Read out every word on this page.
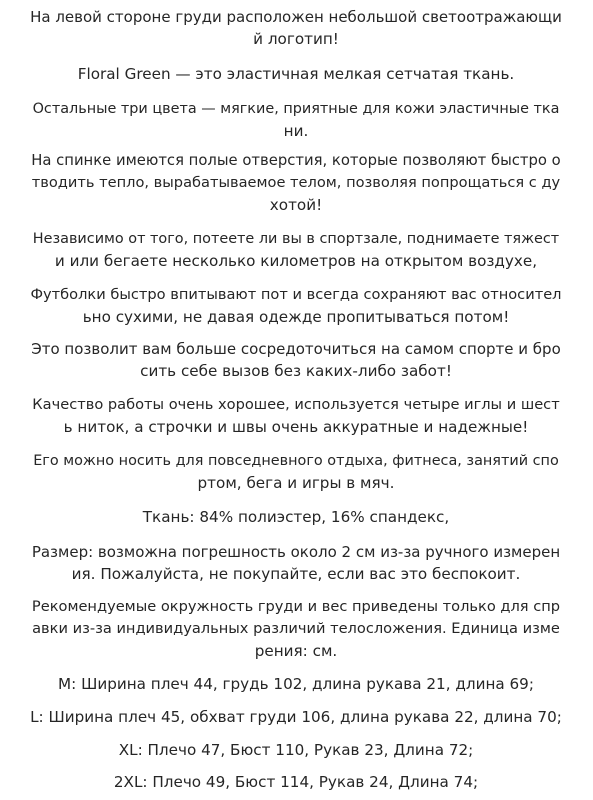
На левой стороне груди расположен небольшой светоотражающи
й логотип!

Floral Green — это эластичная мелкая сетчатая ткань.

Остальные три цвета — мягкие, приятные для кожи эластичные тка
ни.

На спинке имеются полые отверстия, которые позволяют быстро о
тводить тепло, вырабатываемое телом, позволяя попрощаться с ду
хотой!

Независимо от того, потеете ли вы в спортзале, поднимаете тяжест
и или бегаете несколько километров на открытом воздухе,

Футболки быстро впитывают пот и всегда сохраняют вас относител
ьно сухими, не давая одежде пропитываться потом!

Это позволит вам больше сосредоточиться на самом спорте и бро
сить себе вызов без каких-либо забот!

Качество работы очень хорошее, используется четыре иглы и шест
ь ниток, а строчки и швы очень аккуратные и надежные!

Его можно носить для повседневного отдыха, фитнеса, занятий спо
ртом, бега и игры в мяч.

Ткань: 84% полиэстер, 16% спандекс,

Размер: возможна погрешность около 2 см из-за ручного измерен
ия. Пожалуйста, не покупайте, если вас это беспокоит.

Рекомендуемые окружность груди и вес приведены только для спр
авки из-за индивидуальных различий телосложения. Единица изме
рения: см.

M: Ширина плеч 44, грудь 102, длина рукава 21, длина 69;

L: Ширина плеч 45, обхват груди 106, длина рукава 22, длина 70;

XL: Плечо 47, Бюст 110, Рукав 23, Длина 72;

2XL: Плечо 49, Бюст 114, Рукав 24, Длина 74;
